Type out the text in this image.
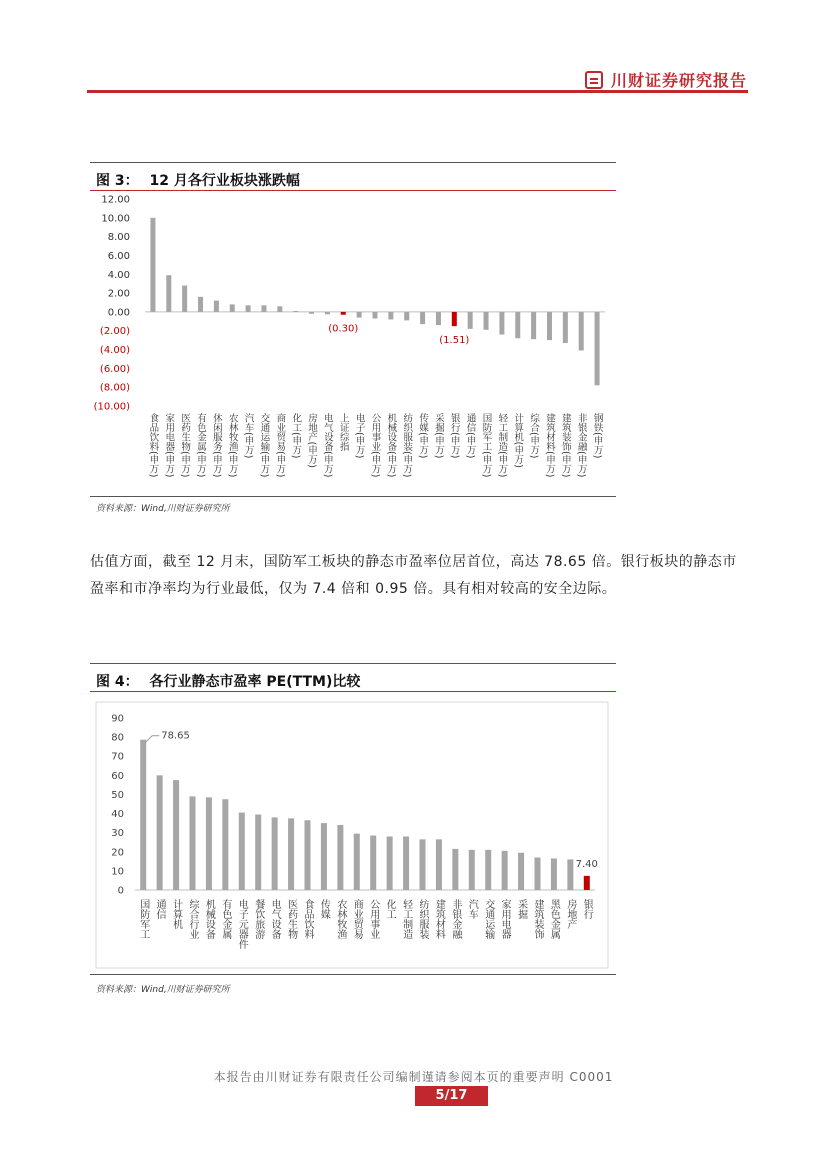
川财证券研究报告
图 3： 12 月各行业板块涨跌幅
12.00
10.00
8.00
6.00
4.00
2.00
0.00
(2.00)
(4.00)
(6.00)
(8.00)
(10.00)
食品饮料(申万) 家用电器(申万) 医药生物(申万) 有色金属(申万) 休闲服务(申万) 农林牧渔(申万) 汽车(申万) 交通运输(申万) 商业贸易(申万) 化工(申万) 房地产(申万) 电气设备(申万) 上证综指
(0.30)
电子(申万) 公用事业(申万) 机械设备(申万) 纺织服装(申万) 传媒(申万) 采掘(申万) 银行(申万)
(1.51)
通信(申万) 国防军工(申万) 轻工制造(申万) 计算机(申万) 综合(申万) 建筑材料(申万) 建筑装饰(申万) 非银金融(申万) 钢铁(申万)
资料来源：Wind,川财证券研究所
估值方面，截至 12 月末，国防军工板块的静态市盈率位居首位，高达 78.65 倍。银行板块的静态市盈率和市净率均为行业最低，仅为 7.4 倍和 0.95 倍。具有相对较高的安全边际。
图 4： 各行业静态市盈率 PE(TTM)比较
90
80
70
60
50
40
30
20
10
0
国防军工
78.65
通信 计算机 综合行业 机械设备 有色金属 电子元器件 餐饮旅游 电气设备 医药生物 食品饮料 传媒 农林牧渔 商业贸易 公用事业 化工 轻工制造 纺织服装 建筑材料 非银金融 汽车 交通运输 家用电器 采掘 建筑装饰 黑色金属 房地产 银行
7.40
资料来源：Wind,川财证券研究所
本报告由川财证券有限责任公司编制谨请参阅本页的重要声明 C0001
5/17
